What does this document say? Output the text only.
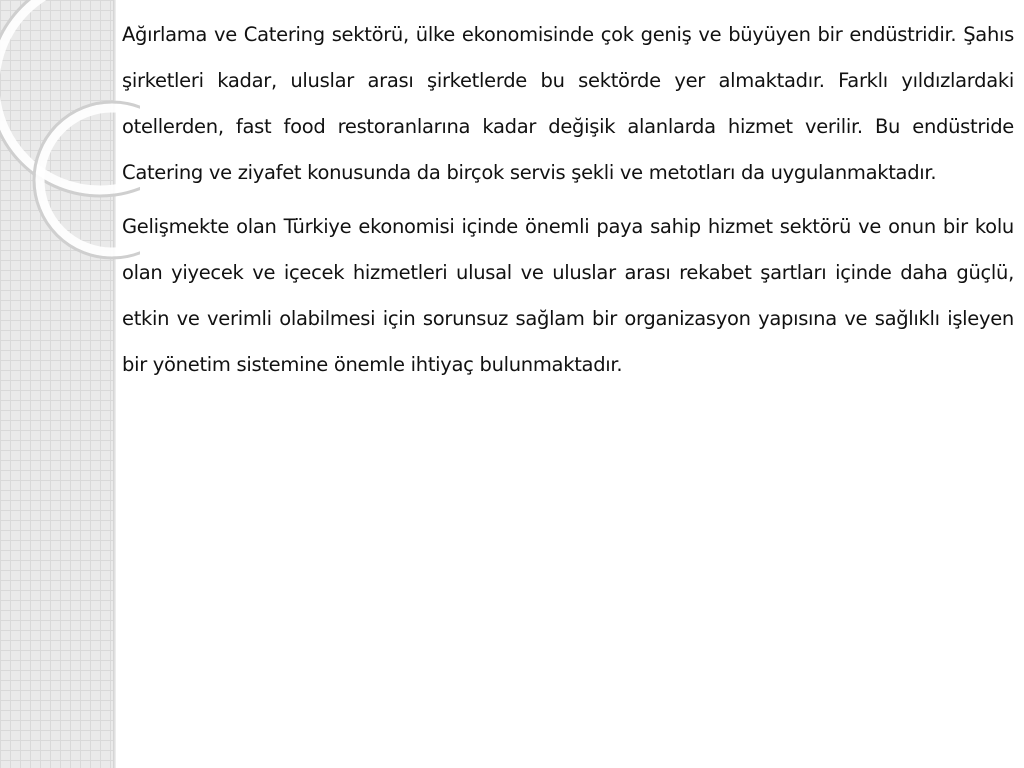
Ağırlama ve Catering sektörü, ülke ekonomisinde çok geniş ve büyüyen bir endüstridir. Şahıs şirketleri kadar, uluslar arası şirketlerde bu sektörde yer almaktadır. Farklı yıldızlardaki otellerden, fast food restoranlarına kadar değişik alanlarda hizmet verilir. Bu endüstride Catering ve ziyafet konusunda da birçok servis şekli ve metotları da uygulanmaktadır.

Gelişmekte olan Türkiye ekonomisi içinde önemli paya sahip hizmet sektörü ve onun bir kolu olan yiyecek ve içecek hizmetleri ulusal ve uluslar arası rekabet şartları içinde daha güçlü, etkin ve verimli olabilmesi için sorunsuz sağlam bir organizasyon yapısına ve sağlıklı işleyen bir yönetim sistemine önemle ihtiyaç bulunmaktadır.
